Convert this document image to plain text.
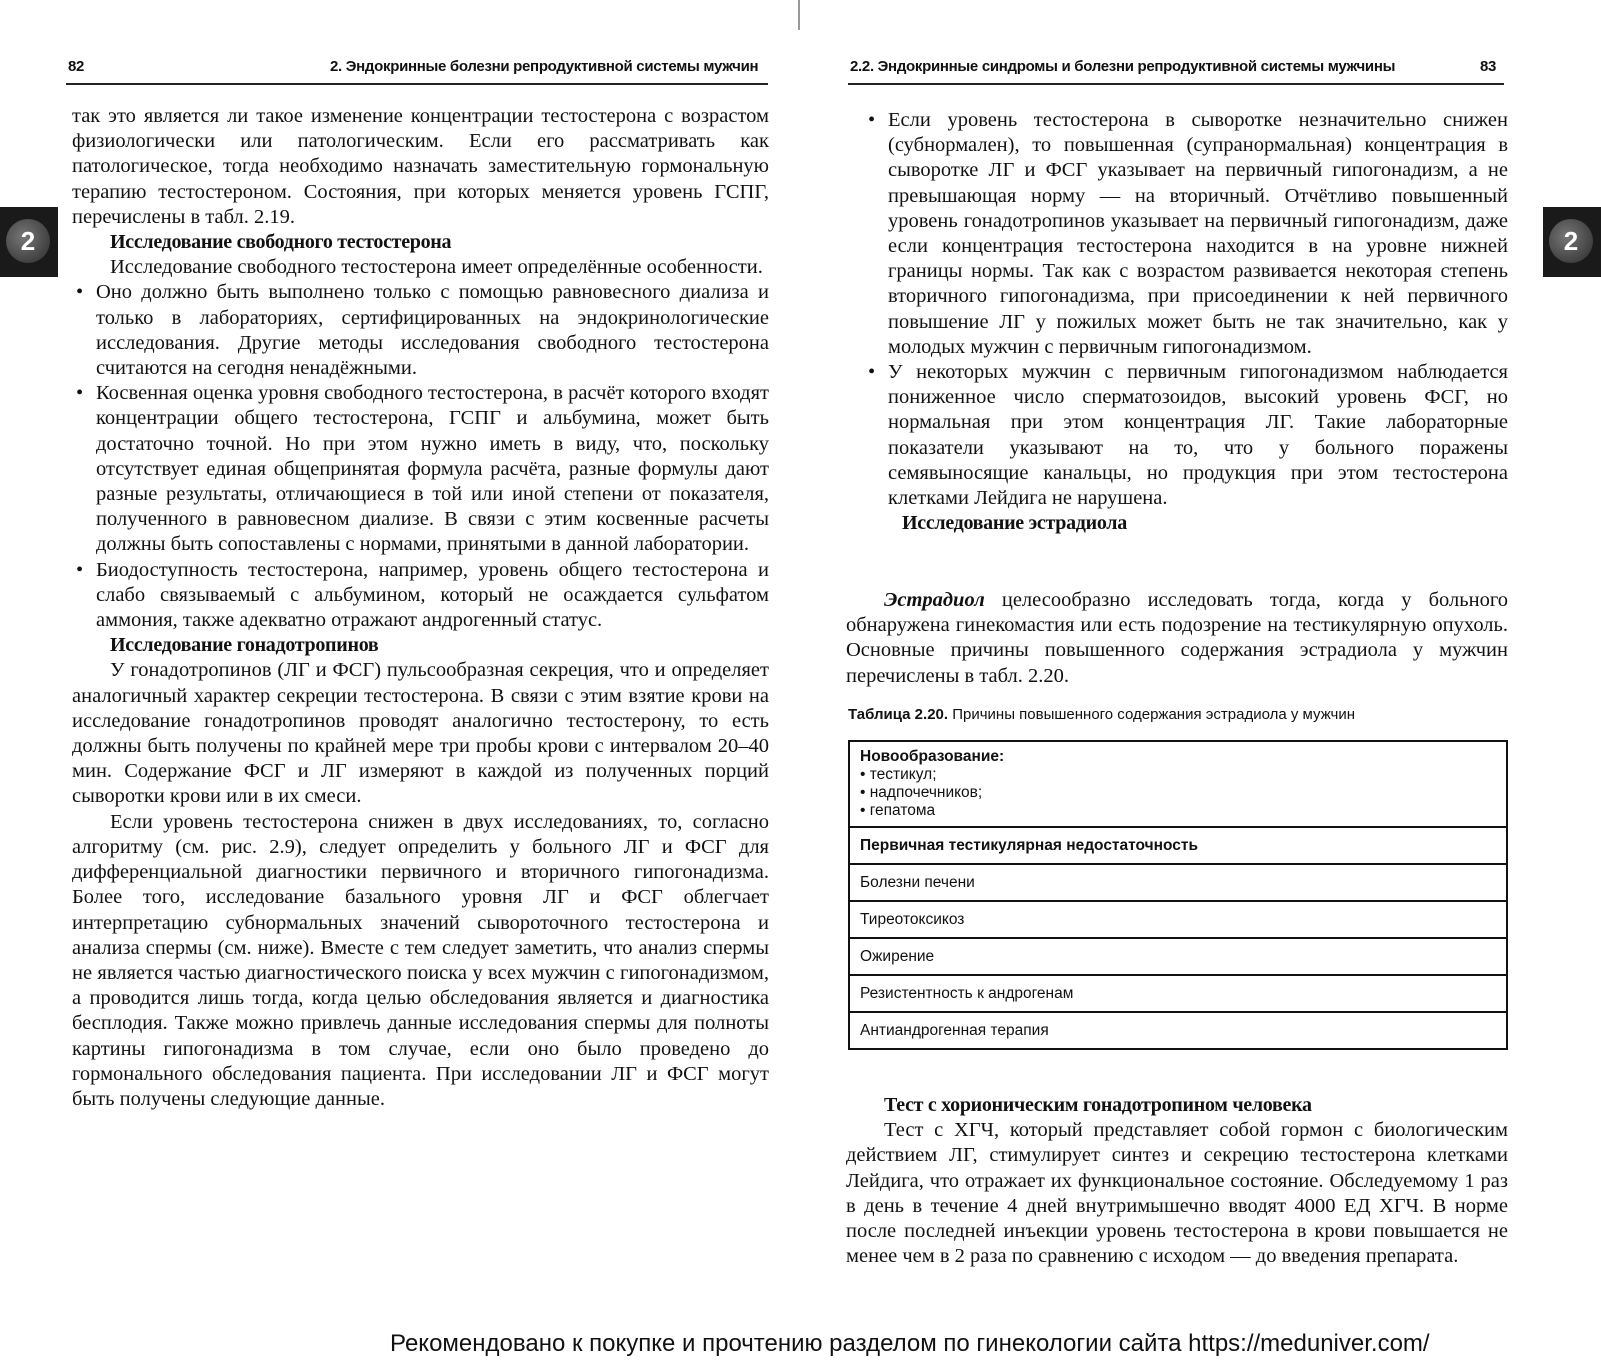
82	2. Эндокринные болезни репродуктивной системы мужчин
2

так это является ли такое изменение концентрации тестостерона с возрастом физиологически или патологическим. Если его рассматривать как патологическое, тогда необходимо назначать заместительную гормональную терапию тестостероном. Состояния, при которых меняется уровень ГСПГ, перечислены в табл. 2.19.

Исследование свободного тестостерона

Исследование свободного тестостерона имеет определённые особенности.

• Оно должно быть выполнено только с помощью равновесного диализа и только в лабораториях, сертифицированных на эндокринологические исследования. Другие методы исследования свободного тестостерона считаются на сегодня ненадёжными.
• Косвенная оценка уровня свободного тестостерона, в расчёт которого входят концентрации общего тестостерона, ГСПГ и альбумина, может быть достаточно точной. Но при этом нужно иметь в виду, что, поскольку отсутствует единая общепринятая формула расчёта, разные формулы дают разные результаты, отличающиеся в той или иной степени от показателя, полученного в равновесном диализе. В связи с этим косвенные расчеты должны быть сопоставлены с нормами, принятыми в данной лаборатории.
• Биодоступность тестостерона, например, уровень общего тестостерона и слабо связываемый с альбумином, который не осаждается сульфатом аммония, также адекватно отражают андрогенный статус.
Исследование гонадотропинов

У гонадотропинов (ЛГ и ФСГ) пульсообразная секреция, что и определяет аналогичный характер секреции тестостерона. В связи с этим взятие крови на исследование гонадотропинов проводят аналогично тестостерону, то есть должны быть получены по крайней мере три пробы крови с интервалом 20–40 мин. Содержание ФСГ и ЛГ измеряют в каждой из полученных порций сыворотки крови или в их смеси.

Если уровень тестостерона снижен в двух исследованиях, то, согласно алгоритму (см. рис. 2.9), следует определить у больного ЛГ и ФСГ для дифференциальной диагностики первичного и вторичного гипогонадизма. Более того, исследование базального уровня ЛГ и ФСГ облегчает интерпретацию субнормальных значений сывороточного тестостерона и анализа спермы (см. ниже). Вместе с тем следует заметить, что анализ спермы не является частью диагностического поиска у всех мужчин с гипогонадизмом, а проводится лишь тогда, когда целью обследования является и диагностика бесплодия. Также можно привлечь данные исследования спермы для полноты картины гипогонадизма в том случае, если оно было проведено до гормонального обследования пациента. При исследовании ЛГ и ФСГ могут быть получены следующие данные.

2.2. Эндокринные синдромы и болезни репродуктивной системы мужчины	83
2
• Если уровень тестостерона в сыворотке незначительно снижен (субнормален), то повышенная (супранормальная) концентрация в сыворотке ЛГ и ФСГ указывает на первичный гипогонадизм, а не превышающая норму — на вторичный. Отчётливо повышенный уровень гонадотропинов указывает на первичный гипогонадизм, даже если концентрация тестостерона находится в на уровне нижней границы нормы. Так как с возрастом развивается некоторая степень вторичного гипогонадизма, при присоединении к ней первичного повышение ЛГ у пожилых может быть не так значительно, как у молодых мужчин с первичным гипогонадизмом.
• У некоторых мужчин с первичным гипогонадизмом наблюдается пониженное число сперматозоидов, высокий уровень ФСГ, но нормальная при этом концентрация ЛГ. Такие лабораторные показатели указывают на то, что у больного поражены семявыносящие канальцы, но продукция при этом тестостерона клетками Лейдига не нарушена.
Исследование эстрадиола

Эстрадиол целесообразно исследовать тогда, когда у больного обнаружена гинекомастия или есть подозрение на тестикулярную опухоль. Основные причины повышенного содержания эстрадиола у мужчин перечислены в табл. 2.20.

Таблица 2.20. Причины повышенного содержания эстрадиола у мужчин
Новообразование:
• тестикул;
• надпочечников;
• гепатома

Первичная тестикулярная недостаточность
Болезни печени
Тиреотоксикоз
Ожирение
Резистентность к андрогенам
Антиандрогенная терапия
Тест с хорионическим гонадотропином человека

Тест с ХГЧ, который представляет собой гормон с биологическим действием ЛГ, стимулирует синтез и секрецию тестостерона клетками Лейдига, что отражает их функциональное состояние. Обследуемому 1 раз в день в течение 4 дней внутримышечно вводят 4000 ЕД ХГЧ. В норме после последней инъекции уровень тестостерона в крови повышается не менее чем в 2 раза по сравнению с исходом — до введения препарата.

Рекомендовано к покупке и прочтению разделом по гинекологии сайта https://meduniver.com/
